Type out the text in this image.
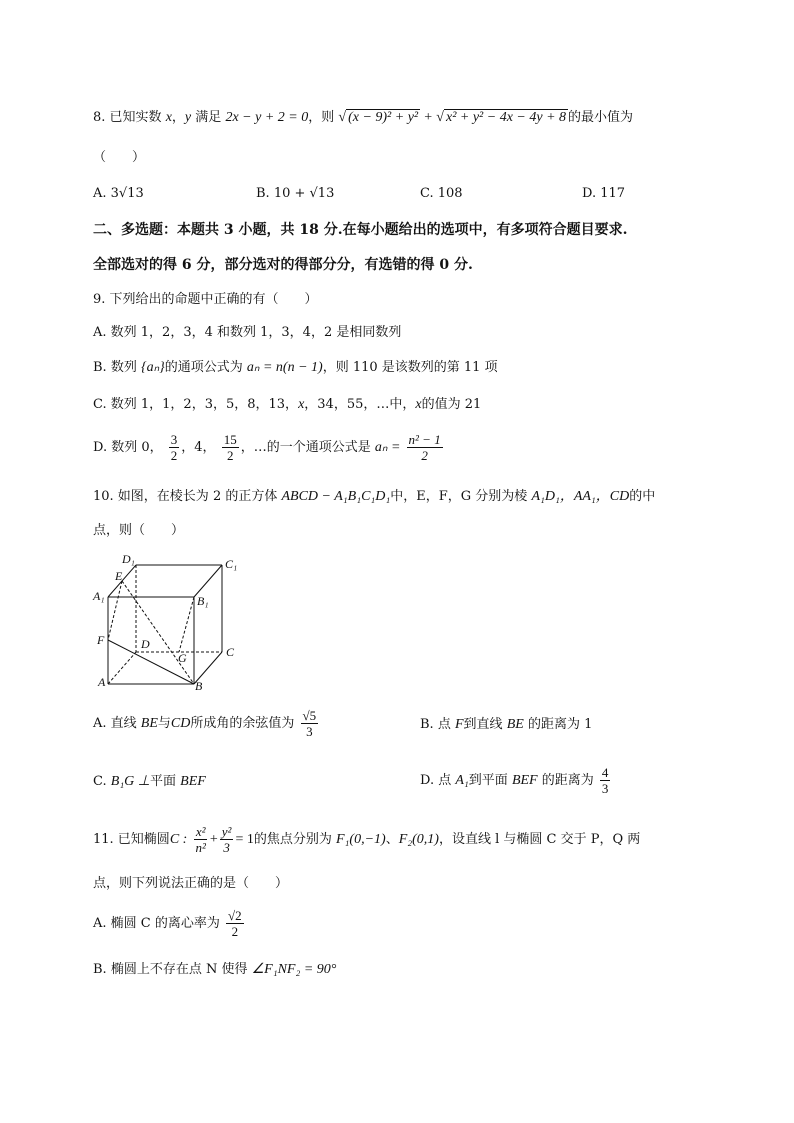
8. 已知实数 x，y 满足 2x − y + 2 = 0，则 √ (x − 9)² + y² + √ x² + y² − 4x − 4y + 8 的最小值为
（　　）
A. 3√13	B. 10 + √13	C. 108	D. 117
二、多选题：本题共 3 小题，共 18 分.在每小题给出的选项中，有多项符合题目要求.
全部选对的得 6 分，部分选对的得部分分，有选错的得 0 分.
9. 下列给出的命题中正确的有（　　）
A. 数列 1，2，3，4 和数列 1，3，4，2 是相同数列
B. 数列 {aₙ}的通项公式为 aₙ = n(n − 1)，则 110 是该数列的第 11 项
C. 数列 1，1，2，3，5，8，13，x，34，55，…中，x的值为 21
D. 数列 0， $\frac{3}{2}$ ，4， $\frac{15}{2}$ ，…的一个通项公式是 $a_n = \frac{\text{n² − 1}}{2}$
10. 如图，在棱长为 2 的正方体 ABCD − A₁B₁C₁D₁中，E，F，G 分别为棱 A₁D₁，AA₁，CD的中
点，则（　　）
D₁	C₁
E
A₁	B₁
F	D
G	C
A	B
A. 直线 BE与CD所成角的余弦值为 $\frac{√5}{3}$	B. 点 F到直线 BE 的距离为 1
C. B₁G ⊥平面 BEF	D. 点 A₁到平面 BEF 的距离为 $\frac{4}{3}$
11. 已知椭圆C : $\frac{\text{x²}}{\text{n²}} + \frac{\text{y²}}{3} = 1$的焦点分别为 F₁(0,−1)、F₂(0,1)，设直线 l 与椭圆 C 交于 P，Q 两
点，则下列说法正确的是（　　）
A. 椭圆 C 的离心率为 $\frac{√2}{2}$
B. 椭圆上不存在点 N 使得 ∠F₁NF₂ = 90°
